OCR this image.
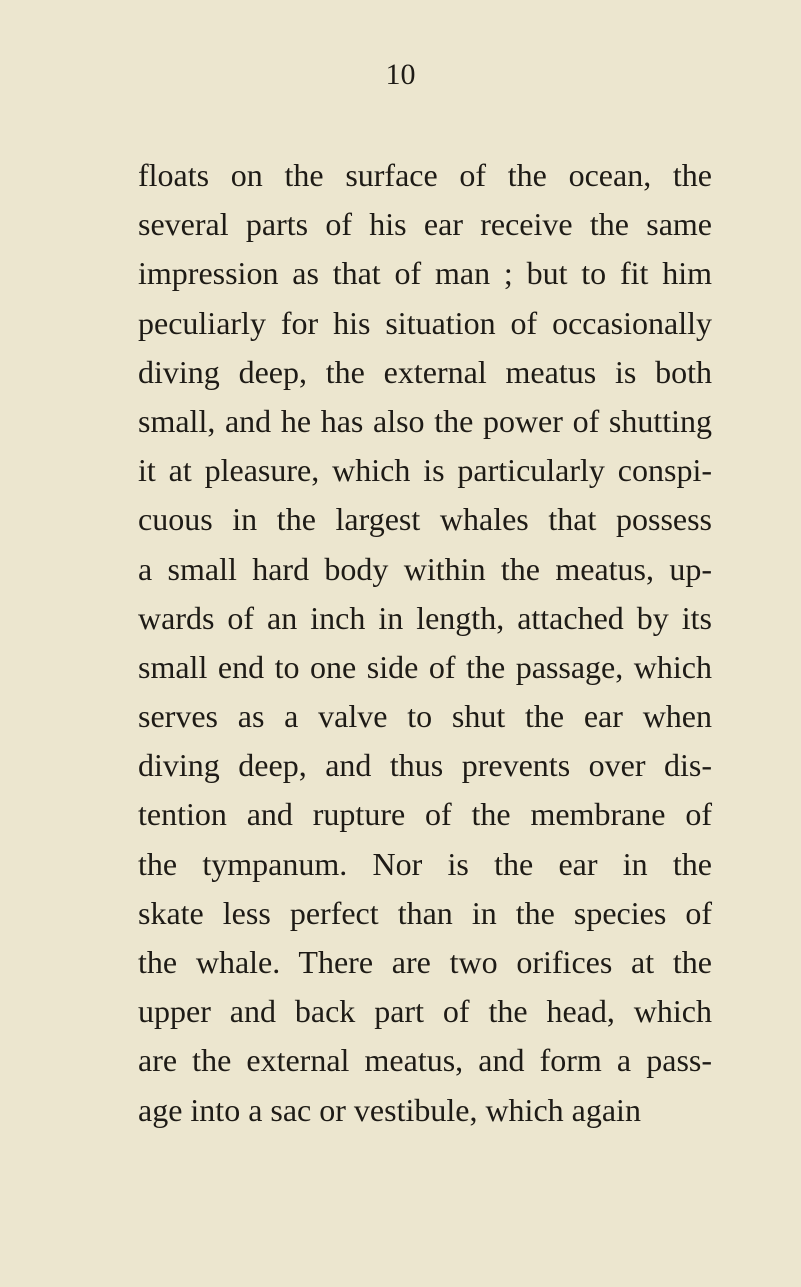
10
floats on the surface of the ocean, the
several parts of his ear receive the same
impression as that of man ; but to fit him
peculiarly for his situation of occasionally
diving deep, the external meatus is both
small, and he has also the power of shutting
it at pleasure, which is particularly conspi-
cuous in the largest whales that possess
a small hard body within the meatus, up-
wards of an inch in length, attached by its
small end to one side of the passage, which
serves as a valve to shut the ear when
diving deep, and thus prevents over dis-
tention and rupture of the membrane of
the tympanum. Nor is the ear in the
skate less perfect than in the species of
the whale. There are two orifices at the
upper and back part of the head, which
are the external meatus, and form a pass-
age into a sac or vestibule, which again
